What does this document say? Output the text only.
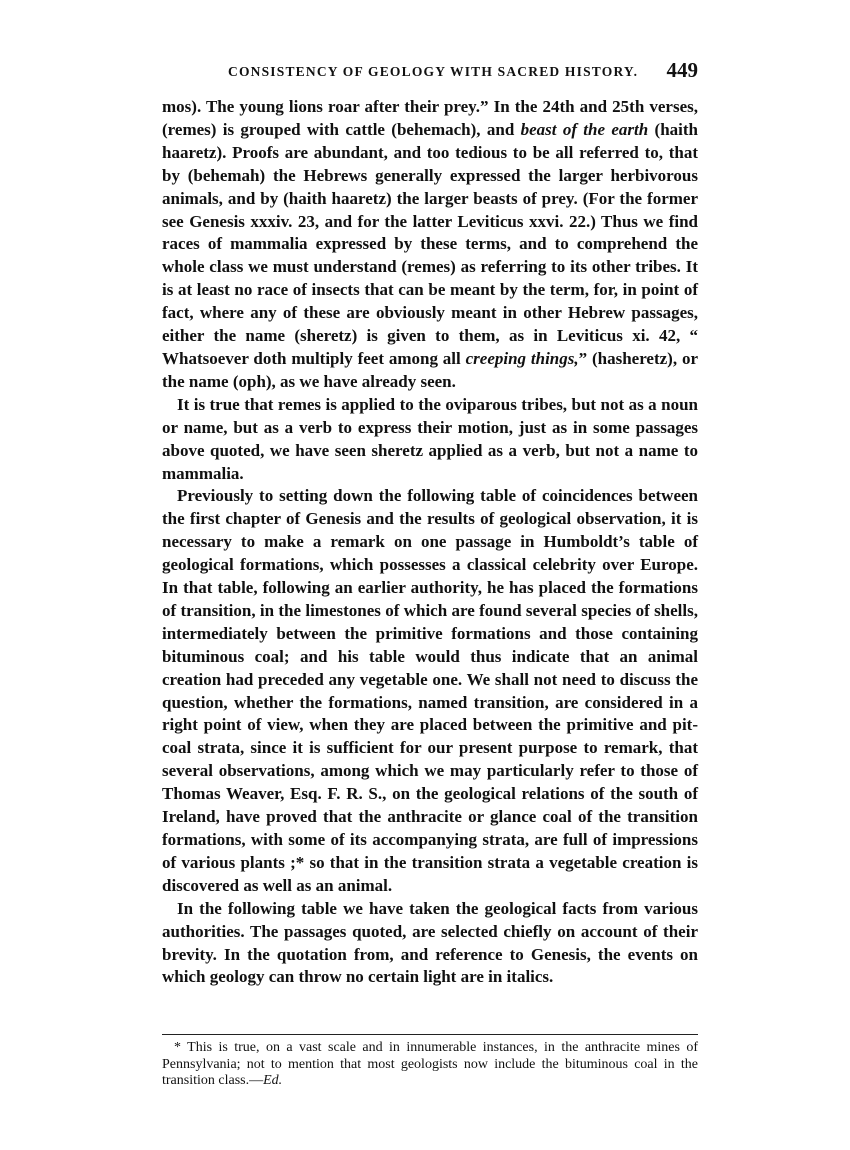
CONSISTENCY OF GEOLOGY WITH SACRED HISTORY. 449

mos). The young lions roar after their prey.” In the 24th and 25th verses, (remes) is grouped with cattle (behemach), and beast of the earth (haith haaretz). Proofs are abundant, and too tedious to be all referred to, that by (behemah) the Hebrews generally expressed the larger herbivorous animals, and by (haith haaretz) the larger beasts of prey. (For the former see Genesis xxxiv. 23, and for the latter Leviticus xxvi. 22.) Thus we find races of mammalia expressed by these terms, and to comprehend the whole class we must understand (remes) as referring to its other tribes. It is at least no race of insects that can be meant by the term, for, in point of fact, where any of these are obviously meant in other Hebrew passages, either the name (sheretz) is given to them, as in Leviticus xi. 42, “ Whatsoever doth multiply feet among all creeping things,” (hasheretz), or the name (oph), as we have already seen.

It is true that remes is applied to the oviparous tribes, but not as a noun or name, but as a verb to express their motion, just as in some passages above quoted, we have seen sheretz applied as a verb, but not a name to mammalia.

Previously to setting down the following table of coincidences between the first chapter of Genesis and the results of geological observation, it is necessary to make a remark on one passage in Humboldt’s table of geological formations, which possesses a classical celebrity over Europe. In that table, following an earlier authority, he has placed the formations of transition, in the limestones of which are found several species of shells, intermediately between the primitive formations and those containing bituminous coal; and his table would thus indicate that an animal creation had preceded any vegetable one. We shall not need to discuss the question, whether the formations, named transition, are considered in a right point of view, when they are placed between the primitive and pit-coal strata, since it is sufficient for our present purpose to remark, that several observations, among which we may particularly refer to those of Thomas Weaver, Esq. F. R. S., on the geological relations of the south of Ireland, have proved that the anthracite or glance coal of the transition formations, with some of its accompanying strata, are full of impressions of various plants ;* so that in the transition strata a vegetable creation is discovered as well as an animal.

In the following table we have taken the geological facts from various authorities. The passages quoted, are selected chiefly on account of their brevity. In the quotation from, and reference to Genesis, the events on which geology can throw no certain light are in italics.

* This is true, on a vast scale and in innumerable instances, in the anthracite mines of Pennsylvania; not to mention that most geologists now include the bituminous coal in the transition class.—Ed.
